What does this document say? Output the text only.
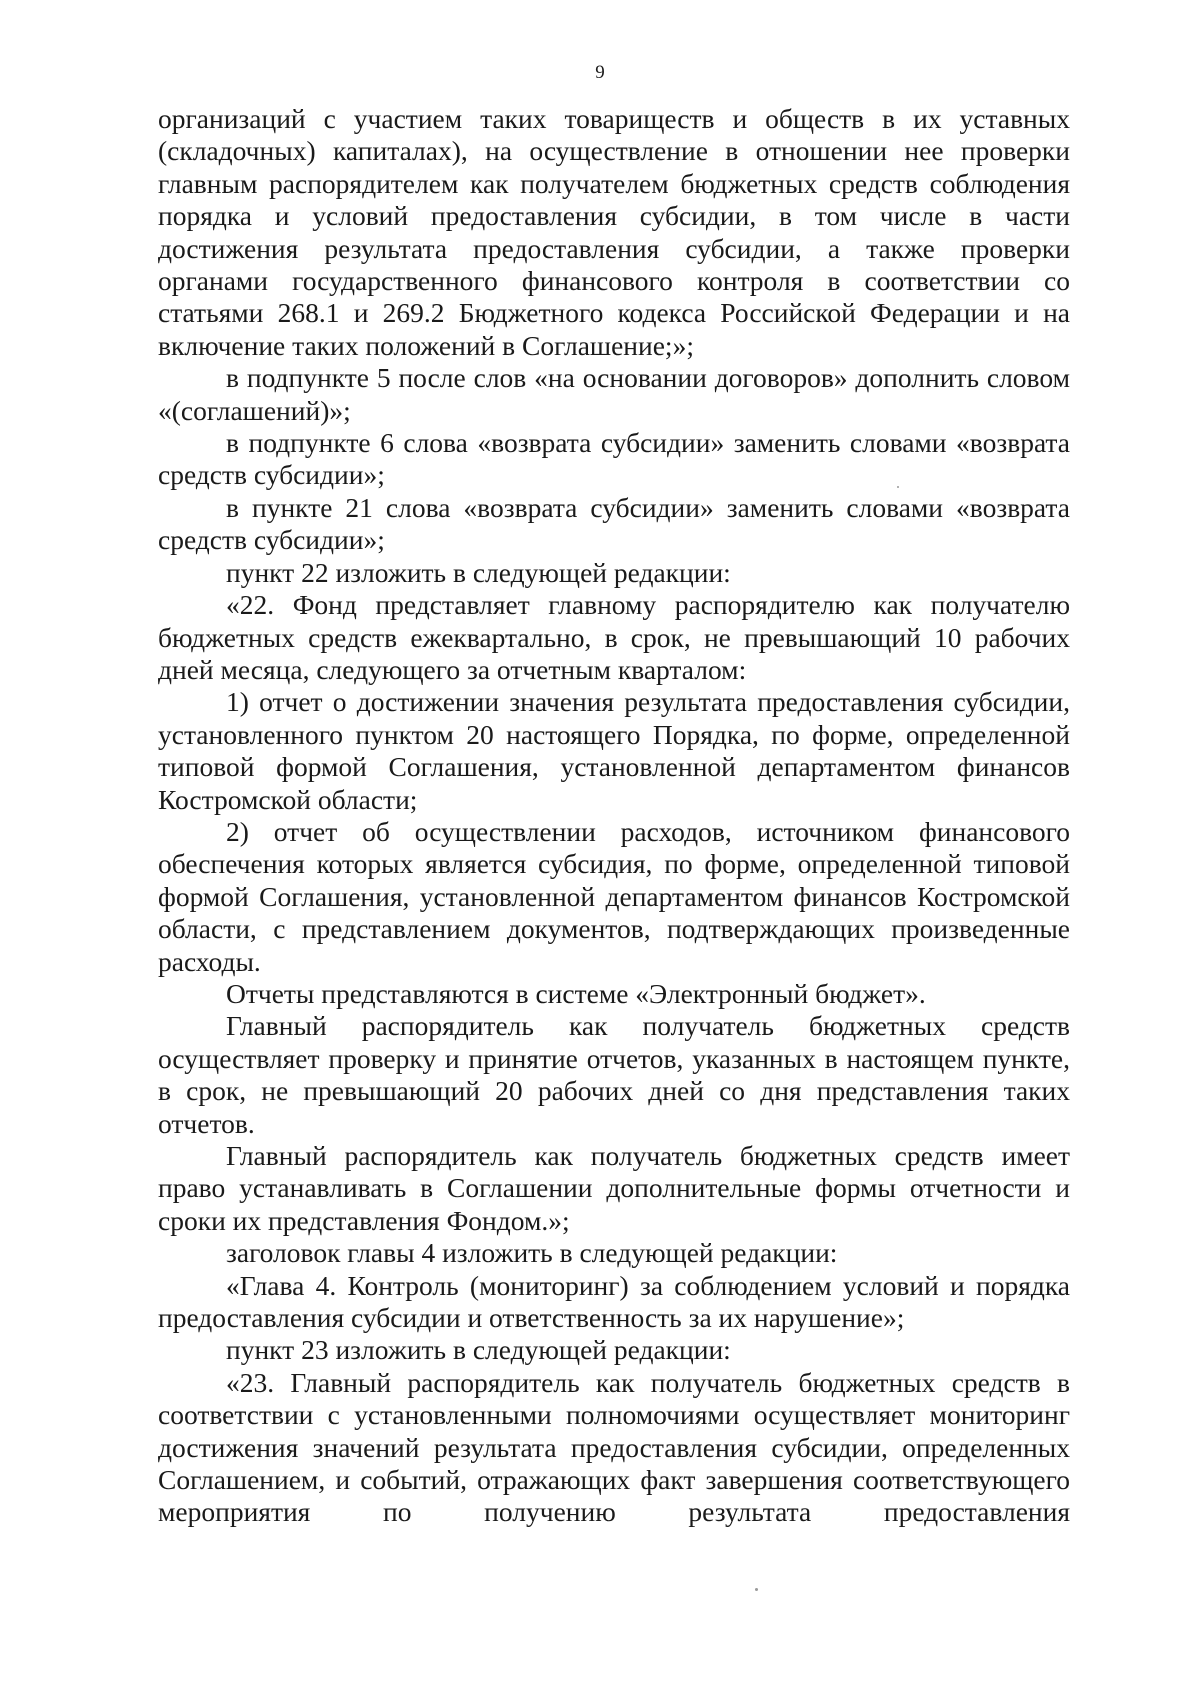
9

организаций с участием таких товариществ и обществ в их уставных (складочных) капиталах), на осуществление в отношении нее проверки главным распорядителем как получателем бюджетных средств соблюдения порядка и условий предоставления субсидии, в том числе в части достижения результата предоставления субсидии, а также проверки органами государственного финансового контроля в соответствии со статьями 268.1 и 269.2 Бюджетного кодекса Российской Федерации и на включение таких положений в Соглашение;»;

в подпункте 5 после слов «на основании договоров» дополнить словом «(соглашений)»;

в подпункте 6 слова «возврата субсидии» заменить словами «возврата средств субсидии»;

в пункте 21 слова «возврата субсидии» заменить словами «возврата средств субсидии»;

пункт 22 изложить в следующей редакции:

«22. Фонд представляет главному распорядителю как получателю бюджетных средств ежеквартально, в срок, не превышающий 10 рабочих дней месяца, следующего за отчетным кварталом:

1) отчет о достижении значения результата предоставления субсидии, установленного пунктом 20 настоящего Порядка, по форме, определенной типовой формой Соглашения, установленной департаментом финансов Костромской области;

2) отчет об осуществлении расходов, источником финансового обеспечения которых является субсидия, по форме, определенной типовой формой Соглашения, установленной департаментом финансов Костромской области, с представлением документов, подтверждающих произведенные расходы.

Отчеты представляются в системе «Электронный бюджет».

Главный распорядитель как получатель бюджетных средств осуществляет проверку и принятие отчетов, указанных в настоящем пункте, в срок, не превышающий 20 рабочих дней со дня представления таких отчетов.

Главный распорядитель как получатель бюджетных средств имеет право устанавливать в Соглашении дополнительные формы отчетности и сроки их представления Фондом.»;

заголовок главы 4 изложить в следующей редакции:

«Глава 4. Контроль (мониторинг) за соблюдением условий и порядка предоставления субсидии и ответственность за их нарушение»;

пункт 23 изложить в следующей редакции:

«23. Главный распорядитель как получатель бюджетных средств в соответствии с установленными полномочиями осуществляет мониторинг достижения значений результата предоставления субсидии, определенных Соглашением, и событий, отражающих факт завершения соответствующего мероприятия по получению результата предоставления
